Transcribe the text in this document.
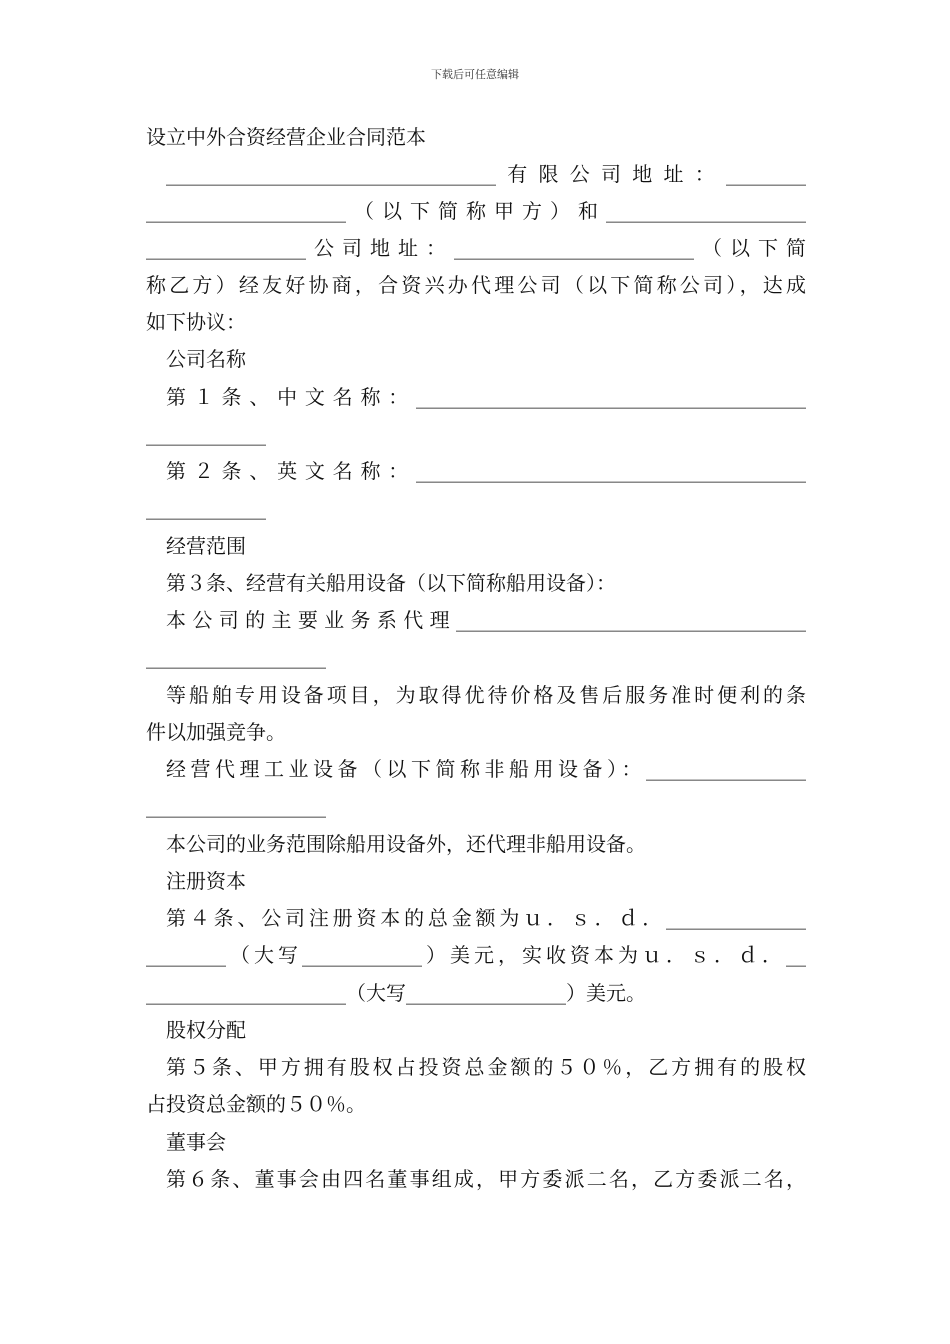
下载后可任意编辑
设立中外合资经营企业合同范本
_________________________________有限公司地址：________
____________________（以下简称甲方）和____________________
________________公司地址：________________________（以下简
称乙方）经友好协商，合资兴办代理公司（以下简称公司），达成
如下协议：
公司名称
第１条、中文名称：_______________________________________
____________
第２条、英文名称：_______________________________________
____________
经营范围
第３条、经营有关船用设备（以下简称船用设备）：
本公司的主要业务系代理___________________________________
__________________
等船舶专用设备项目，为取得优待价格及售后服务准时便利的条
件以加强竞争。
经营代理工业设备（以下简称非船用设备）：________________
__________________
本公司的业务范围除船用设备外，还代理非船用设备。
注册资本
第４条、公司注册资本的总金额为ｕ．ｓ．ｄ．______________
________（大写____________）美元，实收资本为ｕ．ｓ．ｄ．__
____________________（大写________________）美元。
股权分配
第５条、甲方拥有股权占投资总金额的５０％，乙方拥有的股权
占投资总金额的５０％。
董事会
第６条、董事会由四名董事组成，甲方委派二名，乙方委派二名，
